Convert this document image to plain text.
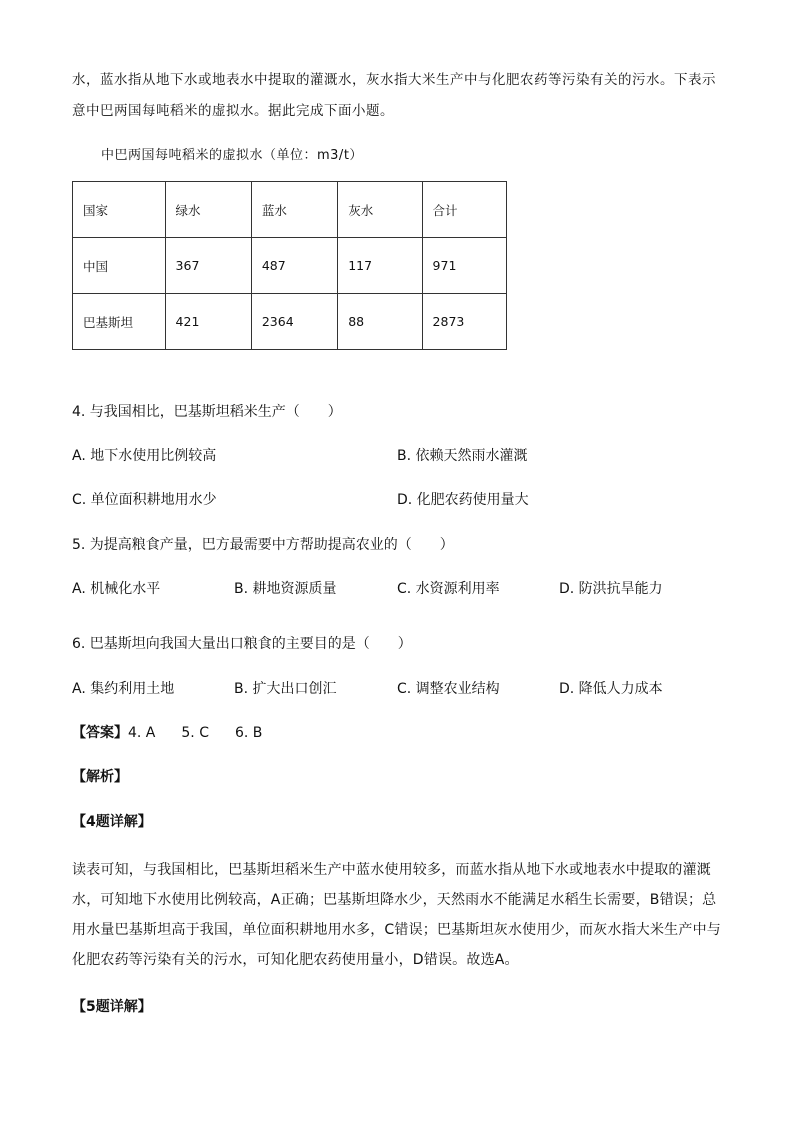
水，蓝水指从地下水或地表水中提取的灌溉水，灰水指大米生产中与化肥农药等污染有关的污水。下表示
意中巴两国每吨稻米的虚拟水。据此完成下面小题。
中巴两国每吨稻米的虚拟水（单位：m3/t）
国家	绿水	蓝水	灰水	合计
中国	367	487	117	971
巴基斯坦	421	2364	88	2873
4. 与我国相比，巴基斯坦稻米生产（　　）
A. 地下水使用比例较高	B. 依赖天然雨水灌溉
C. 单位面积耕地用水少	D. 化肥农药使用量大
5. 为提高粮食产量，巴方最需要中方帮助提高农业的（　　）
A. 机械化水平	B. 耕地资源质量	C. 水资源利用率	D. 防洪抗旱能力
6. 巴基斯坦向我国大量出口粮食的主要目的是（　　）
A. 集约利用土地	B. 扩大出口创汇	C. 调整农业结构	D. 降低人力成本
【答案】4. A 5. C 6. B
【解析】
【4题详解】
读表可知，与我国相比，巴基斯坦稻米生产中蓝水使用较多，而蓝水指从地下水或地表水中提取的灌溉
水，可知地下水使用比例较高，A正确；巴基斯坦降水少，天然雨水不能满足水稻生长需要，B错误；总
用水量巴基斯坦高于我国，单位面积耕地用水多，C错误；巴基斯坦灰水使用少，而灰水指大米生产中与
化肥农药等污染有关的污水，可知化肥农药使用量小，D错误。故选A。
【5题详解】
